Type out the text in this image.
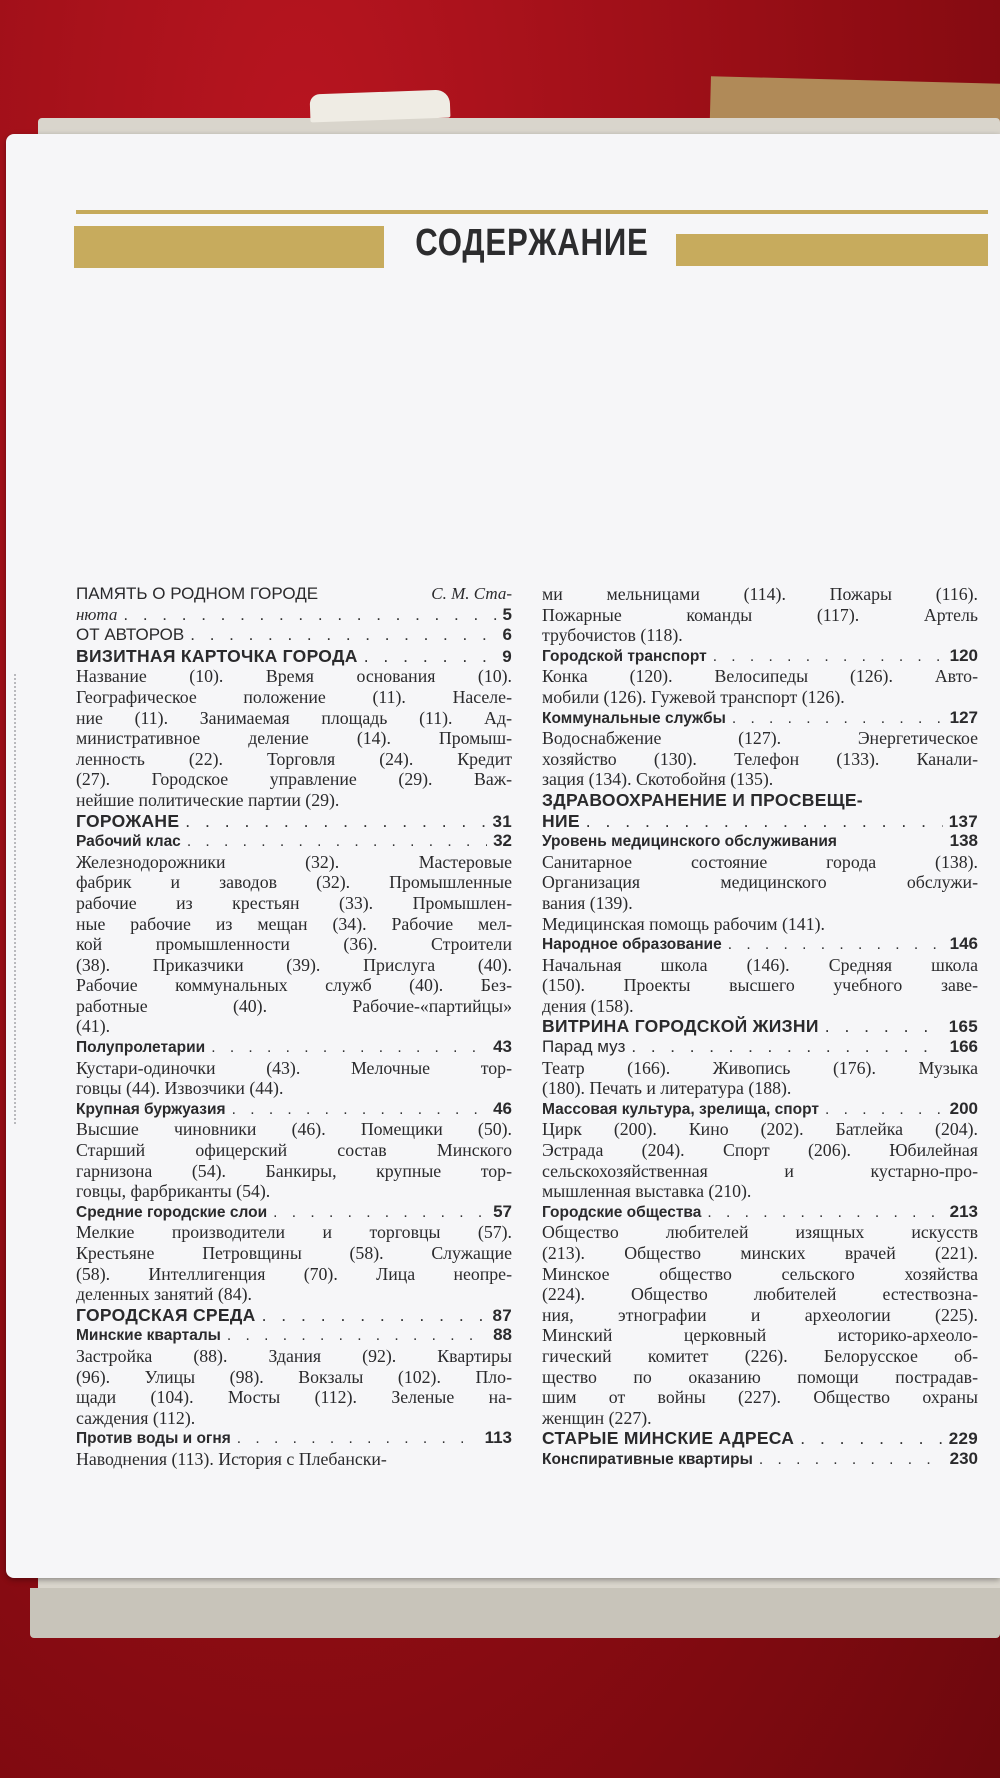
СОДЕРЖАНИЕ
ПАМЯТЬ О РОДНОМ ГОРОДЕ	С. М. Ста-
нюта . . .	5
ОТ АВТОРОВ . . .	6
ВИЗИТНАЯ КАРТОЧКА ГОРОДА . . .	9
Название (10). Время основания (10).
Географическое положение (11). Населе-
ние (11). Занимаемая площадь (11). Ад-
министративное деление (14). Промыш-
ленность (22). Торговля (24). Кредит
(27). Городское управление (29). Важ-
нейшие политические партии (29).
ГОРОЖАНЕ . . .	31
Рабочий клас . . .	32
Железнодорожники (32). Мастеровые
фабрик и заводов (32). Промышленные
рабочие из крестьян (33). Промышлен-
ные рабочие из мещан (34). Рабочие мел-
кой промышленности (36). Строители
(38). Приказчики (39). Прислуга (40).
Рабочие коммунальных служб (40). Без-
работные (40). Рабочие-«партийцы»
(41).
Полупролетарии . . .	43
Кустари-одиночки (43). Мелочные тор-
говцы (44). Извозчики (44).
Крупная буржуазия . . .	46
Высшие чиновники (46). Помещики (50).
Старший офицерский состав Минского
гарнизона (54). Банкиры, крупные тор-
говцы, фарбриканты (54).
Средние городские слои . . .	57
Мелкие производители и торговцы (57).
Крестьяне Петровщины (58). Служащие
(58). Интеллигенция (70). Лица неопре-
деленных занятий (84).
ГОРОДСКАЯ СРЕДА . . .	87
Минские кварталы . . .	88
Застройка (88). Здания (92). Квартиры
(96). Улицы (98). Вокзалы (102). Пло-
щади (104). Мосты (112). Зеленые на-
саждения (112).
Против воды и огня . . .	113
Наводнения (113). История с Плебански-
ми мельницами (114). Пожары (116).
Пожарные команды (117). Артель
трубочистов (118).
Городской транспорт . . .	120
Конка (120). Велосипеды (126). Авто-
мобили (126). Гужевой транспорт (126).
Коммунальные службы . . .	127
Водоснабжение (127). Энергетическое
хозяйство (130). Телефон (133). Канали-
зация (134). Скотобойня (135).
ЗДРАВООХРАНЕНИЕ И ПРОСВЕЩЕ-
НИЕ . . .	137
Уровень медицинского обслуживания	138
Санитарное состояние города (138).
Организация медицинского обслужи-
вания (139).
Медицинская помощь рабочим (141).
Народное образование . . .	146
Начальная школа (146). Средняя школа
(150). Проекты высшего учебного заве-
дения (158).
ВИТРИНА ГОРОДСКОЙ ЖИЗНИ . . .	165
Парад муз . . .	166
Театр (166). Живопись (176). Музыка
(180). Печать и литература (188).
Массовая культура, зрелища, спорт . . .	200
Цирк (200). Кино (202). Батлейка (204).
Эстрада (204). Спорт (206). Юбилейная
сельскохозяйственная и кустарно-про-
мышленная выставка (210).
Городские общества . . .	213
Общество любителей изящных искусств
(213). Общество минских врачей (221).
Минское общество сельского хозяйства
(224). Общество любителей естествозна-
ния, этнографии и археологии (225).
Минский церковный историко-археоло-
гический комитет (226). Белорусское об-
щество по оказанию помощи пострадав-
шим от войны (227). Общество охраны
женщин (227).
СТАРЫЕ МИНСКИЕ АДРЕСА . . .	229
Конспиративные квартиры . . .	230
